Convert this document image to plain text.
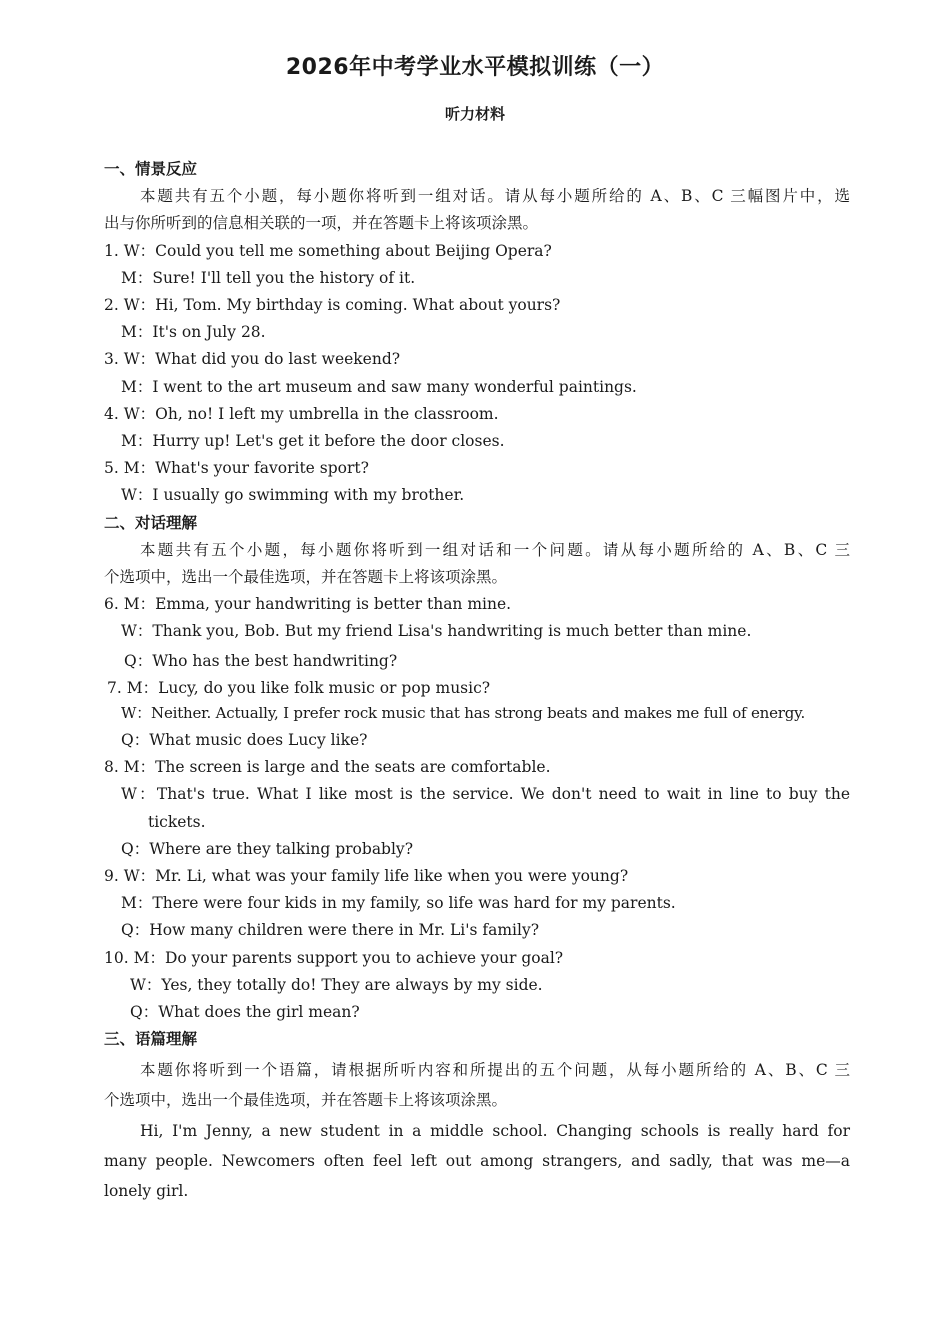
2026年中考学业水平模拟训练（一）
听力材料
一、情景反应
本题共有五个小题，每小题你将听到一组对话。请从每小题所给的 A、B、C 三幅图片中，选
出与你所听到的信息相关联的一项，并在答题卡上将该项涂黑。
1. W：Could you tell me something about Beijing Opera?
M：Sure! I'll tell you the history of it.
2. W：Hi, Tom. My birthday is coming. What about yours?
M：It's on July 28.
3. W：What did you do last weekend?
M：I went to the art museum and saw many wonderful paintings.
4. W：Oh, no! I left my umbrella in the classroom.
M：Hurry up! Let's get it before the door closes.
5. M：What's your favorite sport?
W：I usually go swimming with my brother.
二、对话理解
本题共有五个小题，每小题你将听到一组对话和一个问题。请从每小题所给的 A、B、C 三
个选项中，选出一个最佳选项，并在答题卡上将该项涂黑。
6. M：Emma, your handwriting is better than mine.
W：Thank you, Bob. But my friend Lisa's handwriting is much better than mine.
Q：Who has the best handwriting?
7. M：Lucy, do you like folk music or pop music?
W：Neither. Actually, I prefer rock music that has strong beats and makes me full of energy.
Q：What music does Lucy like?
8. M：The screen is large and the seats are comfortable.
W：That's true. What I like most is the service. We don't need to wait in line to buy the
tickets.
Q：Where are they talking probably?
9. W：Mr. Li, what was your family life like when you were young?
M：There were four kids in my family, so life was hard for my parents.
Q：How many children were there in Mr. Li's family?
10. M：Do your parents support you to achieve your goal?
W：Yes, they totally do! They are always by my side.
Q：What does the girl mean?
三、语篇理解
本题你将听到一个语篇，请根据所听内容和所提出的五个问题，从每小题所给的 A、B、C 三
个选项中，选出一个最佳选项，并在答题卡上将该项涂黑。
Hi, I'm Jenny, a new student in a middle school. Changing schools is really hard for
many people. Newcomers often feel left out among strangers, and sadly, that was me—a
lonely girl.
